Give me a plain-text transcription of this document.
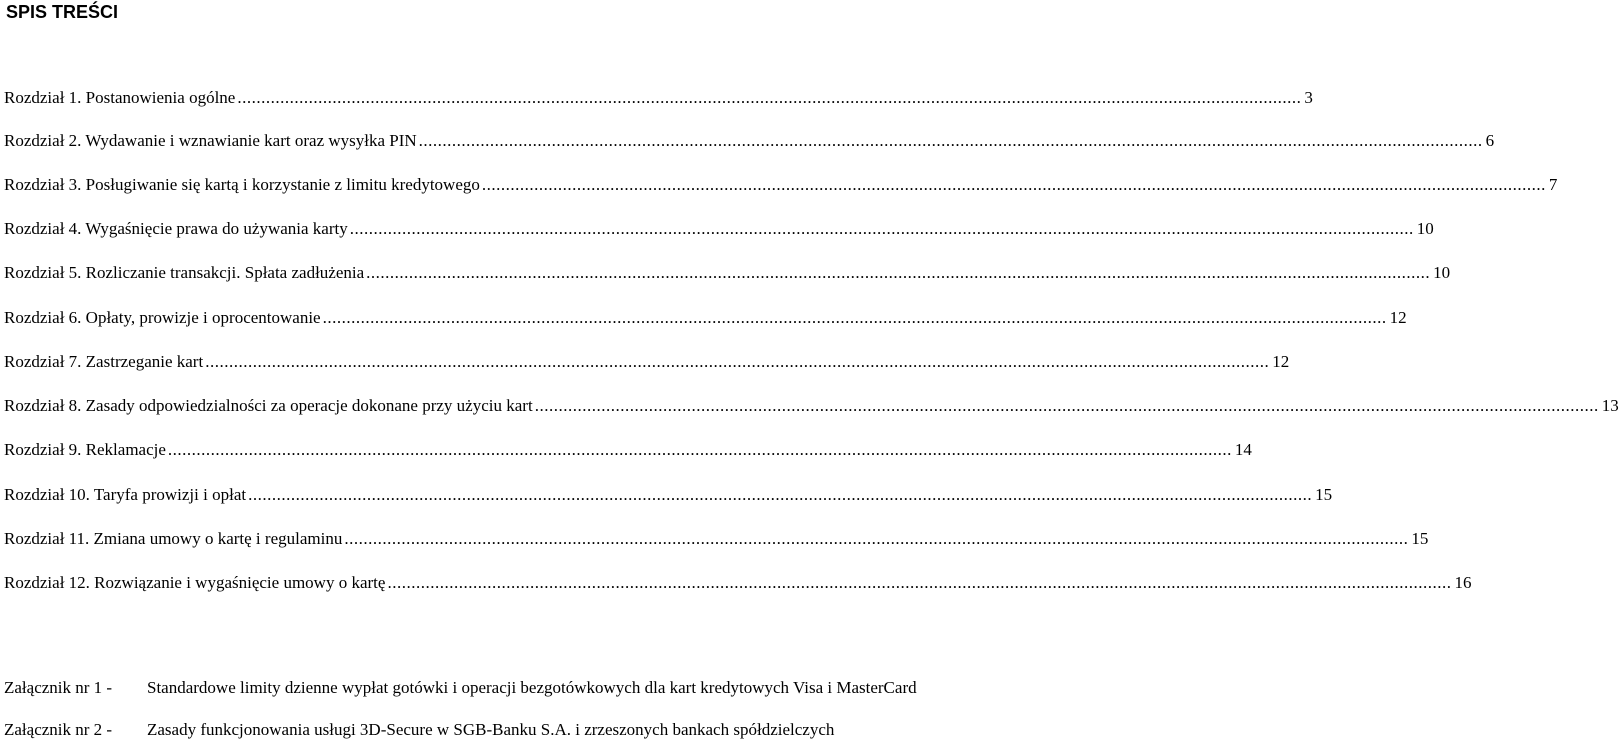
SPIS TREŚCI
Rozdział 1. Postanowienia ogólne ................................................................................................................................................................................................................................ 3
Rozdział 2. Wydawanie i wznawianie kart oraz wysyłka PIN ................................................................................................................................................................................................................................ 6
Rozdział 3. Posługiwanie się kartą i korzystanie z limitu kredytowego ................................................................................................................................................................................................................................ 7
Rozdział 4. Wygaśnięcie prawa do używania karty ................................................................................................................................................................................................................................ 10
Rozdział 5. Rozliczanie transakcji. Spłata zadłużenia ................................................................................................................................................................................................................................ 10
Rozdział 6. Opłaty, prowizje i oprocentowanie ................................................................................................................................................................................................................................ 12
Rozdział 7. Zastrzeganie kart ................................................................................................................................................................................................................................ 12
Rozdział 8. Zasady odpowiedzialności za operacje dokonane przy użyciu kart ................................................................................................................................................................................................................................ 13
Rozdział 9. Reklamacje ................................................................................................................................................................................................................................ 14
Rozdział 10. Taryfa prowizji i opłat ................................................................................................................................................................................................................................ 15
Rozdział 11. Zmiana umowy o kartę i regulaminu ................................................................................................................................................................................................................................ 15
Rozdział 12. Rozwiązanie i wygaśnięcie umowy o kartę ................................................................................................................................................................................................................................ 16
Załącznik nr 1 - Standardowe limity dzienne wypłat gotówki i operacji bezgotówkowych dla kart kredytowych Visa i MasterCard
Załącznik nr 2 - Zasady funkcjonowania usługi 3D-Secure w SGB-Banku S.A. i zrzeszonych bankach spółdzielczych
